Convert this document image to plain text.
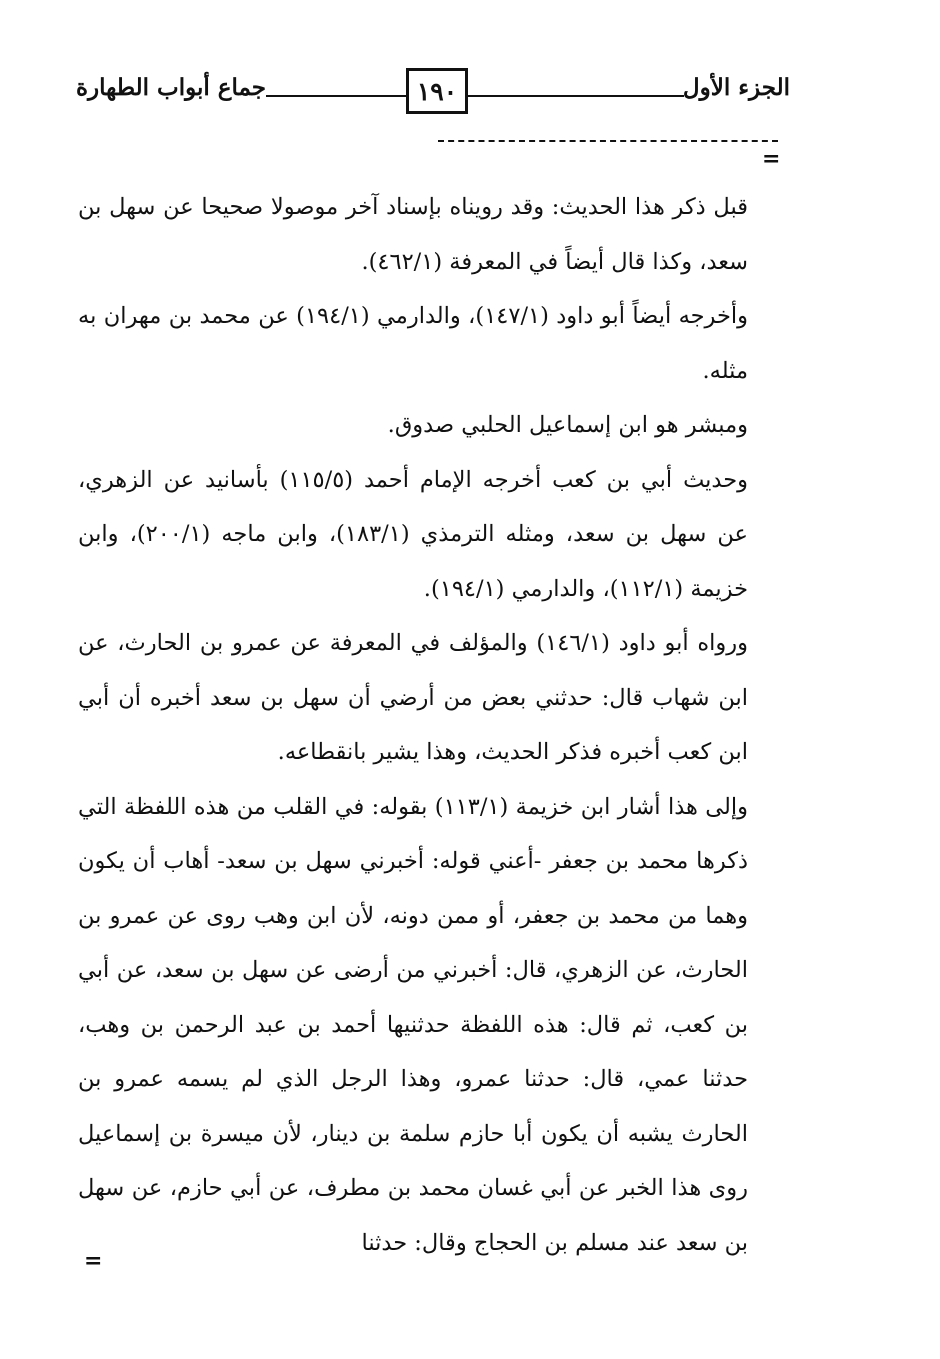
الجزء الأول
١٩٠
جماع أبواب الطهارة
=

قبل ذكر هذا الحديث: وقد رويناه بإسناد آخر موصولا صحيحا عن سهل بن سعد، وكذا قال أيضاً في المعرفة (٤٦٢/١).

وأخرجه أيضاً أبو داود (١٤٧/١)، والدارمي (١٩٤/١) عن محمد بن مهران به مثله.

ومبشر هو ابن إسماعيل الحلبي صدوق.

وحديث أبي بن كعب أخرجه الإمام أحمد (١١٥/٥) بأسانيد عن الزهري، عن سهل بن سعد، ومثله الترمذي (١٨٣/١)، وابن ماجه (٢٠٠/١)، وابن خزيمة (١١٢/١)، والدارمي (١٩٤/١).

ورواه أبو داود (١٤٦/١) والمؤلف في المعرفة عن عمرو بن الحارث، عن ابن شهاب قال: حدثني بعض من أرضي أن سهل بن سعد أخبره أن أبي ابن كعب أخبره فذكر الحديث، وهذا يشير بانقطاعه.

وإلى هذا أشار ابن خزيمة (١١٣/١) بقوله: في القلب من هذه اللفظة التي ذكرها محمد بن جعفر -أعني قوله: أخبرني سهل بن سعد- أهاب أن يكون وهما من محمد بن جعفر، أو ممن دونه، لأن ابن وهب روى عن عمرو بن الحارث، عن الزهري، قال: أخبرني من أرضى عن سهل بن سعد، عن أبي بن كعب، ثم قال: هذه اللفظة حدثنيها أحمد بن عبد الرحمن بن وهب، حدثنا عمي، قال: حدثنا عمرو، وهذا الرجل الذي لم يسمه عمرو بن الحارث يشبه أن يكون أبا حازم سلمة بن دينار، لأن ميسرة بن إسماعيل روى هذا الخبر عن أبي غسان محمد بن مطرف، عن أبي حازم، عن سهل بن سعد عند مسلم بن الحجاج وقال: حدثنا

=
